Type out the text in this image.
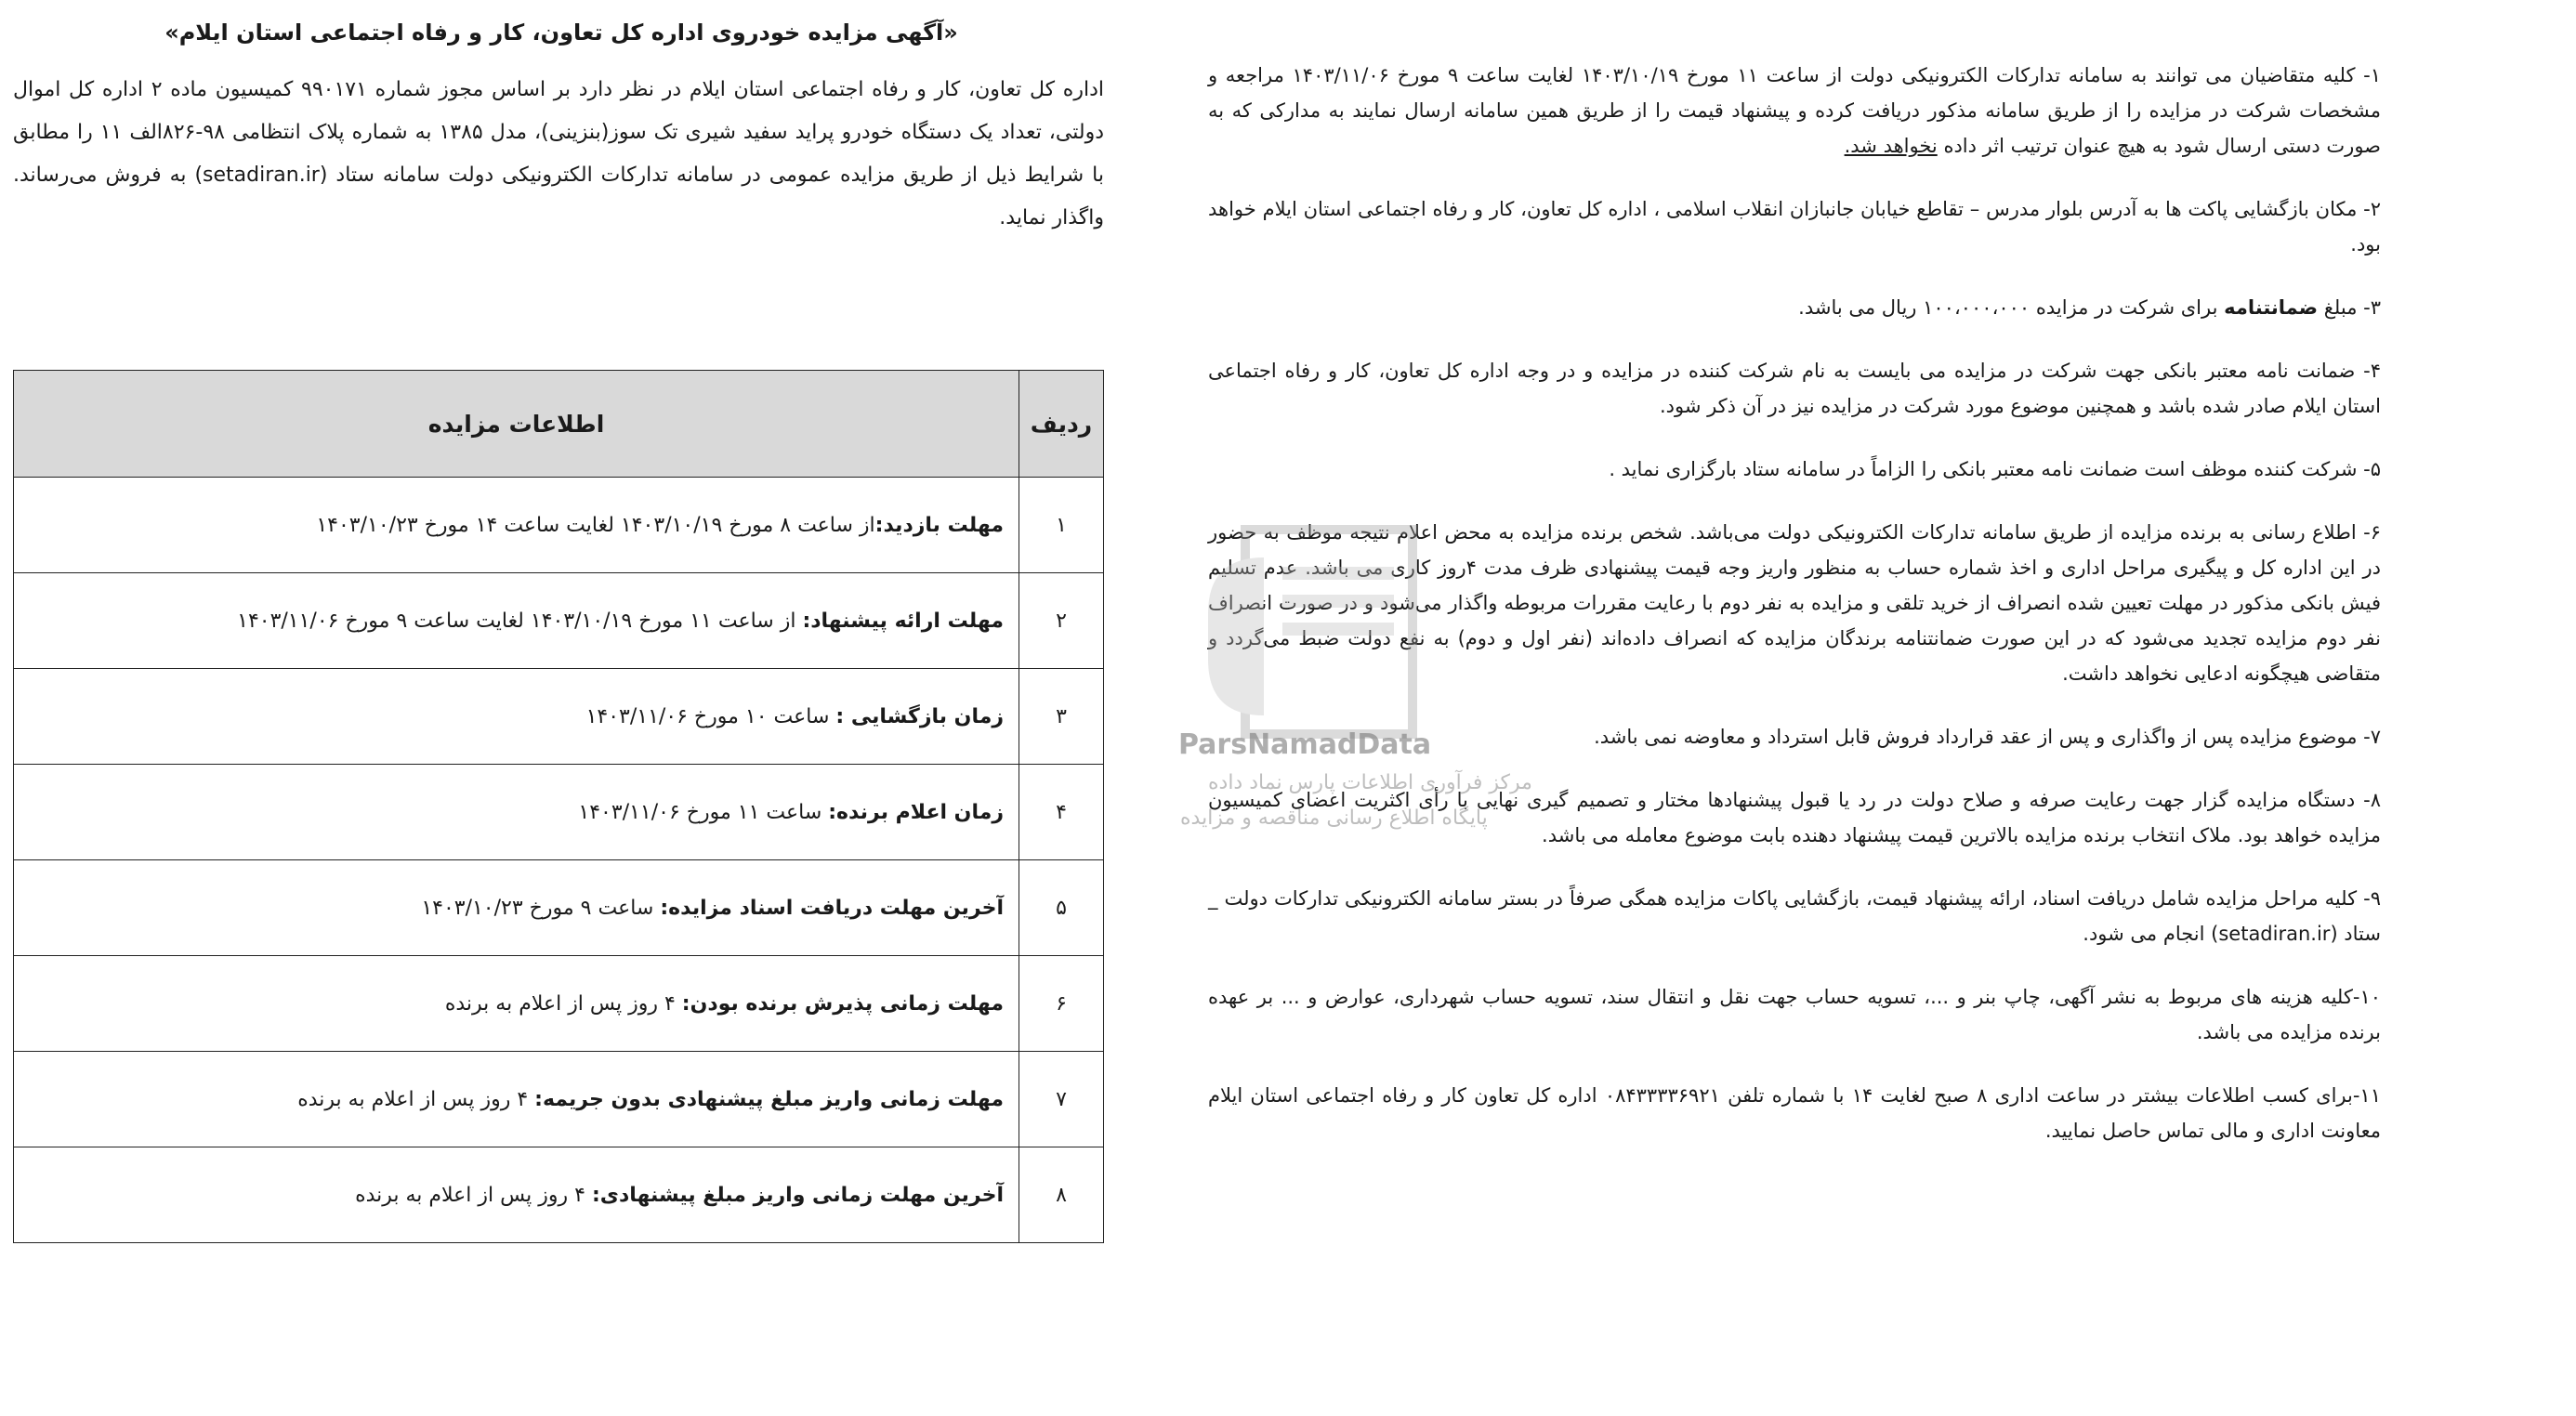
«آگهی مزایده خودروی اداره کل تعاون، کار و رفاه اجتماعی استان ایلام»

اداره کل تعاون، کار و رفاه اجتماعی استان ایلام در نظر دارد بر اساس مجوز شماره ۹۹۰۱۷۱ کمیسیون ماده ۲ اداره کل اموال دولتی، تعداد یک دستگاه خودرو پراید سفید شیری تک سوز(بنزینی)، مدل ۱۳۸۵ به شماره پلاک انتظامی ۹۸-۸۲۶الف ۱۱ را مطابق با شرایط ذیل از طریق مزایده عمومی در سامانه تدارکات الکترونیکی دولت سامانه ستاد (setadiran.ir) به فروش می‌رساند. واگذار نماید.

ردیف	اطلاعات مزایده
۱	مهلت بازدید:از ساعت ۸ مورخ ۱۴۰۳/۱۰/۱۹ لغایت ساعت ۱۴ مورخ ۱۴۰۳/۱۰/۲۳
۲	مهلت ارائه پیشنهاد: از ساعت ۱۱ مورخ ۱۴۰۳/۱۰/۱۹ لغایت ساعت ۹ مورخ ۱۴۰۳/۱۱/۰۶
۳	زمان بازگشایی : ساعت ۱۰ مورخ ۱۴۰۳/۱۱/۰۶
۴	زمان اعلام برنده: ساعت ۱۱ مورخ ۱۴۰۳/۱۱/۰۶
۵	آخرین مهلت دریافت اسناد مزایده: ساعت ۹ مورخ ۱۴۰۳/۱۰/۲۳
۶	مهلت زمانی پذیرش برنده بودن: ۴ روز پس از اعلام به برنده
۷	مهلت زمانی واریز مبلغ پیشنهادی بدون جریمه: ۴ روز پس از اعلام به برنده
۸	آخرین مهلت زمانی واریز مبلغ پیشنهادی: ۴ روز پس از اعلام به برنده

۱- کلیه متقاضیان می توانند به سامانه تدارکات الکترونیکی دولت از ساعت ۱۱ مورخ ۱۴۰۳/۱۰/۱۹ لغایت ساعت ۹ مورخ ۱۴۰۳/۱۱/۰۶ مراجعه و مشخصات شرکت در مزایده را از طریق سامانه مذکور دریافت کرده و پیشنهاد قیمت را از طریق همین سامانه ارسال نمایند به مدارکی که به صورت دستی ارسال شود به هیچ عنوان ترتیب اثر داده نخواهد شد.

۲- مکان بازگشایی پاکت ها به آدرس بلوار مدرس – تقاطع خیابان جانبازان انقلاب اسلامی ، اداره کل تعاون، کار و رفاه اجتماعی استان ایلام خواهد بود.

۳- مبلغ ضمانتنامه برای شرکت در مزایده ۱۰۰،۰۰۰،۰۰۰ ریال می باشد.

۴- ضمانت نامه معتبر بانکی جهت شرکت در مزایده می بایست به نام شرکت کننده در مزایده و در وجه اداره کل تعاون، کار و رفاه اجتماعی استان ایلام صادر شده باشد و همچنین موضوع مورد شرکت در مزایده نیز در آن ذکر شود.

۵- شرکت کننده موظف است ضمانت نامه معتبر بانکی را الزاماً در سامانه ستاد بارگزاری نماید .

۶- اطلاع رسانی به برنده مزایده از طریق سامانه تدارکات الکترونیکی دولت می‌باشد. شخص برنده مزایده به محض اعلام نتیجه موظف به حضور در این اداره کل و پیگیری مراحل اداری و اخذ شماره حساب به منظور واریز وجه قیمت پیشنهادی ظرف مدت ۴روز کاری می باشد. عدم تسلیم فیش بانکی مذکور در مهلت تعیین شده انصراف از خرید تلقی و مزایده به نفر دوم با رعایت مقررات مربوطه واگذار می‌شود و در صورت انصراف نفر دوم مزایده تجدید می‌شود که در این صورت ضمانتنامه برندگان مزایده که انصراف داده‌اند (نفر اول و دوم) به نفع دولت ضبط می‌گردد و متقاضی هیچگونه ادعایی نخواهد داشت.

۷- موضوع مزایده پس از واگذاری و پس از عقد قرارداد فروش قابل استرداد و معاوضه نمی باشد.

۸- دستگاه مزایده گزار جهت رعایت صرفه و صلاح دولت در رد یا قبول پیشنهادها مختار و تصمیم گیری نهایی با رأی اکثریت اعضای کمیسیون مزایده خواهد بود. ملاک انتخاب برنده مزایده بالاترین قیمت پیشنهاد دهنده بابت موضوع معامله می باشد.

۹- کلیه مراحل مزایده شامل دریافت اسناد، ارائه پیشنهاد قیمت، بازگشایی پاکات مزایده همگی صرفاً در بستر سامانه الکترونیکی تدارکات دولت _ ستاد (setadiran.ir) انجام می شود.

۱۰-کلیه هزینه های مربوط به نشر آگهی، چاپ بنر و ...، تسویه حساب جهت نقل و انتقال سند، تسویه حساب شهرداری، عوارض و ... بر عهده برنده مزایده می باشد.

۱۱-برای کسب اطلاعات بیشتر در ساعت اداری ۸ صبح لغایت ۱۴ با شماره تلفن ۰۸۴۳۳۳۳۶۹۲۱ اداره کل تعاون کار و رفاه اجتماعی استان ایلام معاونت اداری و مالی تماس حاصل نمایید.

ParsNamadData
مرکز فرآوری اطلاعات پارس نماد داده
پایگاه اطلاع رسانی مناقصه و مزایده
